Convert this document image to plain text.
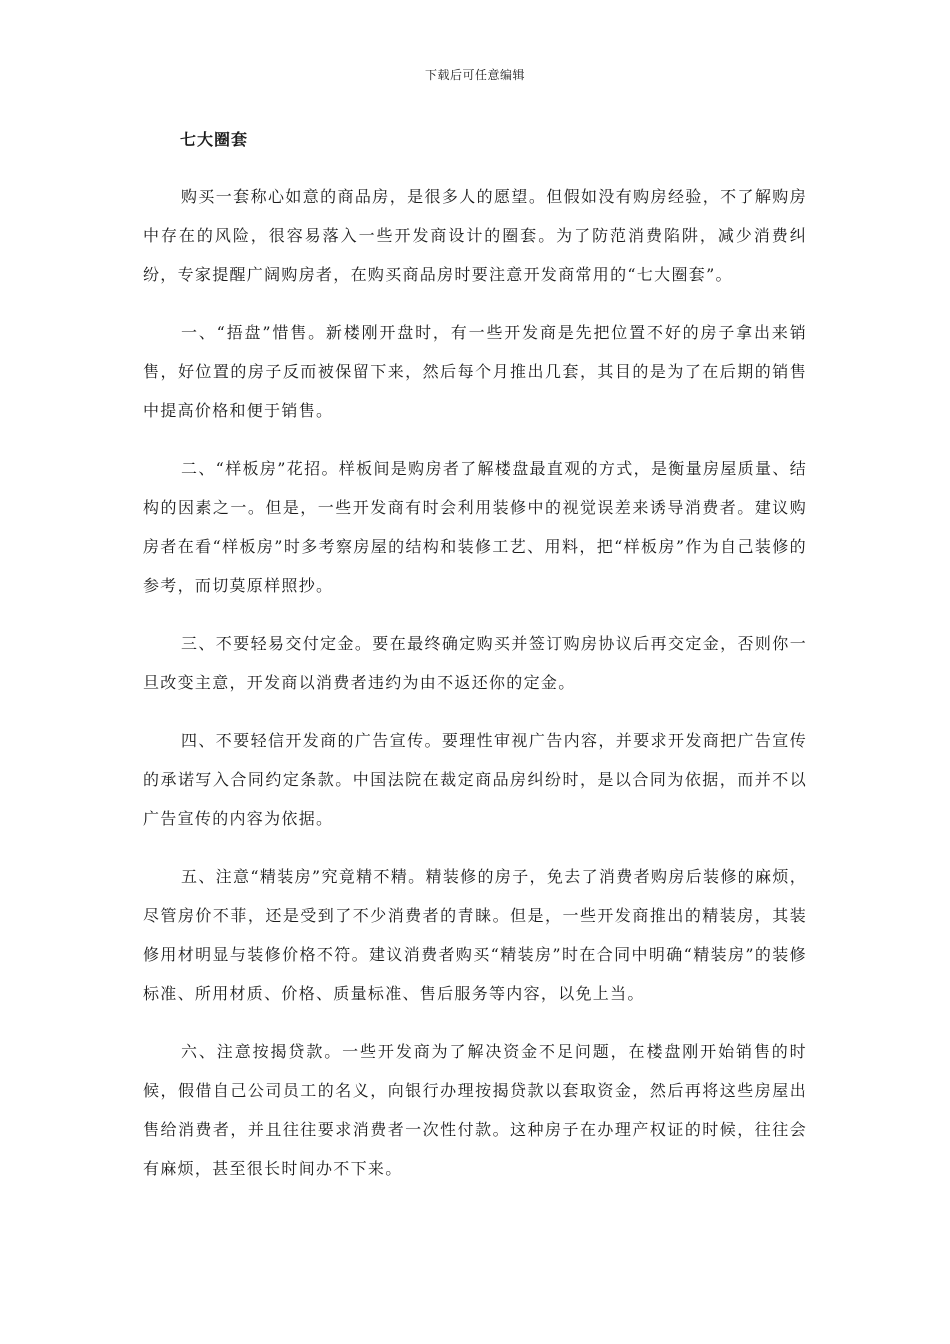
下载后可任意编辑
七大圈套

购买一套称心如意的商品房，是很多人的愿望。但假如没有购房经验，不了解购房中存在的风险，很容易落入一些开发商设计的圈套。为了防范消费陷阱，减少消费纠纷，专家提醒广阔购房者，在购买商品房时要注意开发商常用的“七大圈套”。

一、“捂盘”惜售。新楼刚开盘时，有一些开发商是先把位置不好的房子拿出来销售，好位置的房子反而被保留下来，然后每个月推出几套，其目的是为了在后期的销售中提高价格和便于销售。

二、“样板房”花招。样板间是购房者了解楼盘最直观的方式，是衡量房屋质量、结构的因素之一。但是，一些开发商有时会利用装修中的视觉误差来诱导消费者。建议购房者在看“样板房”时多考察房屋的结构和装修工艺、用料，把“样板房”作为自己装修的参考，而切莫原样照抄。

三、不要轻易交付定金。要在最终确定购买并签订购房协议后再交定金，否则你一旦改变主意，开发商以消费者违约为由不返还你的定金。

四、不要轻信开发商的广告宣传。要理性审视广告内容，并要求开发商把广告宣传的承诺写入合同约定条款。中国法院在裁定商品房纠纷时，是以合同为依据，而并不以广告宣传的内容为依据。

五、注意“精装房”究竟精不精。精装修的房子，免去了消费者购房后装修的麻烦，尽管房价不菲，还是受到了不少消费者的青睐。但是，一些开发商推出的精装房，其装修用材明显与装修价格不符。建议消费者购买“精装房”时在合同中明确“精装房”的装修标准、所用材质、价格、质量标准、售后服务等内容，以免上当。

六、注意按揭贷款。一些开发商为了解决资金不足问题，在楼盘刚开始销售的时候，假借自己公司员工的名义，向银行办理按揭贷款以套取资金，然后再将这些房屋出售给消费者，并且往往要求消费者一次性付款。这种房子在办理产权证的时候，往往会有麻烦，甚至很长时间办不下来。
